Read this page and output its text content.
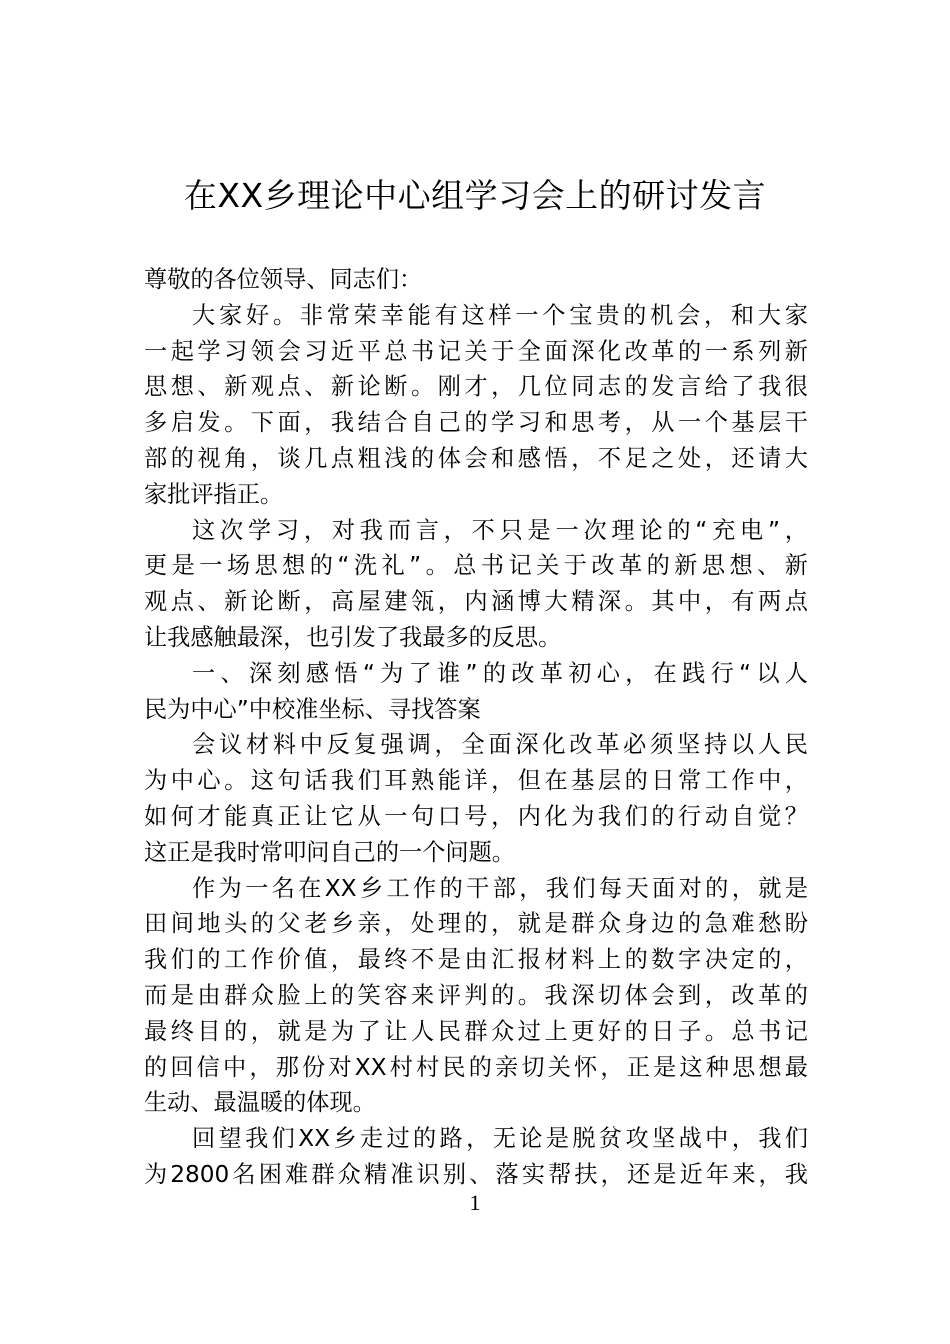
在XX乡理论中心组学习会上的研讨发言
尊敬的各位领导、同志们：
大家好。非常荣幸能有这样一个宝贵的机会，和大家
一起学习领会习近平总书记关于全面深化改革的一系列新
思想、新观点、新论断。刚才，几位同志的发言给了我很
多启发。下面，我结合自己的学习和思考，从一个基层干
部的视角，谈几点粗浅的体会和感悟，不足之处，还请大
家批评指正。
这次学习，对我而言，不只是一次理论的“充电”，
更是一场思想的“洗礼”。总书记关于改革的新思想、新
观点、新论断，高屋建瓴，内涵博大精深。其中，有两点
让我感触最深，也引发了我最多的反思。
一、深刻感悟“为了谁”的改革初心，在践行“以人
民为中心”中校准坐标、寻找答案
会议材料中反复强调，全面深化改革必须坚持以人民
为中心。这句话我们耳熟能详，但在基层的日常工作中，
如何才能真正让它从一句口号，内化为我们的行动自觉？
这正是我时常叩问自己的一个问题。
作为一名在XX乡工作的干部，我们每天面对的，就是
田间地头的父老乡亲，处理的，就是群众身边的急难愁盼
我们的工作价值，最终不是由汇报材料上的数字决定的，
而是由群众脸上的笑容来评判的。我深切体会到，改革的
最终目的，就是为了让人民群众过上更好的日子。总书记
的回信中，那份对XX村村民的亲切关怀，正是这种思想最
生动、最温暖的体现。
回望我们XX乡走过的路，无论是脱贫攻坚战中，我们
为2800名困难群众精准识别、落实帮扶，还是近年来，我
1
